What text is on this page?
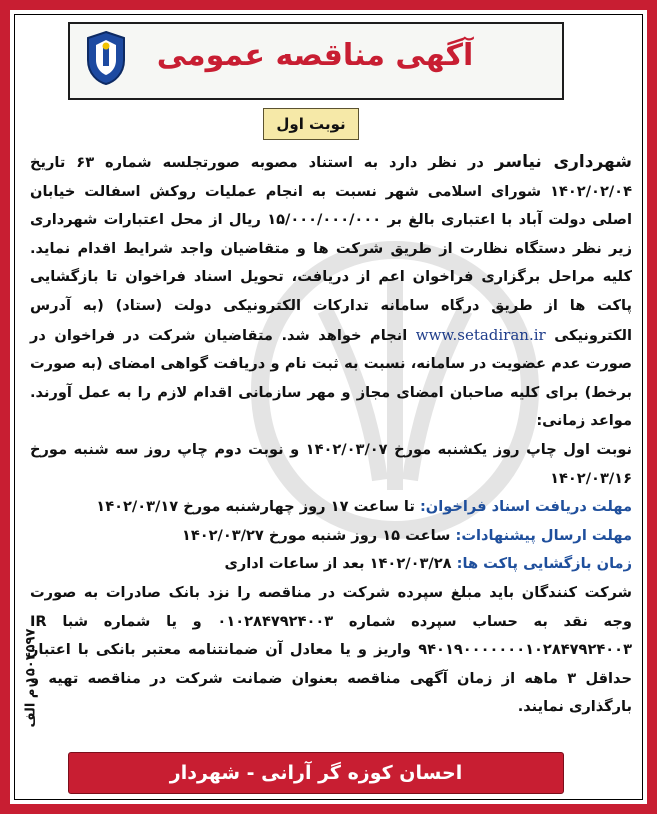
آگهی مناقصه عمومی
نوبت اول

شهرداری نیاسر در نظر دارد به استناد مصوبه صورتجلسه شماره ۶۳ تاریخ ۱۴۰۲/۰۲/۰۴ شورای اسلامی شهر نسبت به انجام عملیات روکش اسفالت خیابان اصلی دولت آباد با اعتباری بالغ بر ۱۵/۰۰۰/۰۰۰/۰۰۰ ریال از محل اعتبارات شهرداری زیر نظر دستگاه نظارت از طریق شرکت ها و متقاضیان واجد شرایط اقدام نماید. کلیه مراحل برگزاری فراخوان اعم از دریافت، تحویل اسناد فراخوان تا بازگشایی پاکت ها از طریق درگاه سامانه تدارکات الکترونیکی دولت (ستاد) (به آدرس الکترونیکی www.setadiran.ir انجام خواهد شد. متقاضیان شرکت در فراخوان در صورت عدم عضویت در سامانه، نسبت به ثبت نام و دریافت گواهی امضای (به صورت برخط) برای کلیه صاحبان امضای مجاز و مهر سازمانی اقدام لازم را به عمل آورند. مواعد زمانی:

نوبت اول چاپ روز یکشنبه مورخ ۱۴۰۲/۰۳/۰۷ و نوبت دوم چاپ روز سه شنبه مورخ ۱۴۰۲/۰۳/۱۶

مهلت دریافت اسناد فراخوان: تا ساعت ۱۷ روز چهارشنبه مورخ ۱۴۰۲/۰۳/۱۷

مهلت ارسال پیشنهادات: ساعت ۱۵ روز شنبه مورخ ۱۴۰۲/۰۳/۲۷

زمان بازگشایی پاکت ها: ۱۴۰۲/۰۳/۲۸ بعد از ساعات اداری

شرکت کنندگان باید مبلغ سپرده شرکت در مناقصه را نزد بانک صادرات به صورت وجه نقد به حساب سپرده شماره ۰۱۰۲۸۴۷۹۲۴۰۰۳ و یا شماره شبا IR ۹۴۰۱۹۰۰۰۰۰۰۰۱۰۲۸۴۷۹۲۴۰۰۳ واریز و یا معادل آن ضمانتنامه معتبر بانکی با اعتبار حداقل ۳ ماهه از زمان آگهی مناقصه بعنوان ضمانت شرکت در مناقصه تهیه و بارگذاری نمایند.

۱۵۰۴۵۹۷ م الف
احسان کوزه گر آرانی - شهردار
